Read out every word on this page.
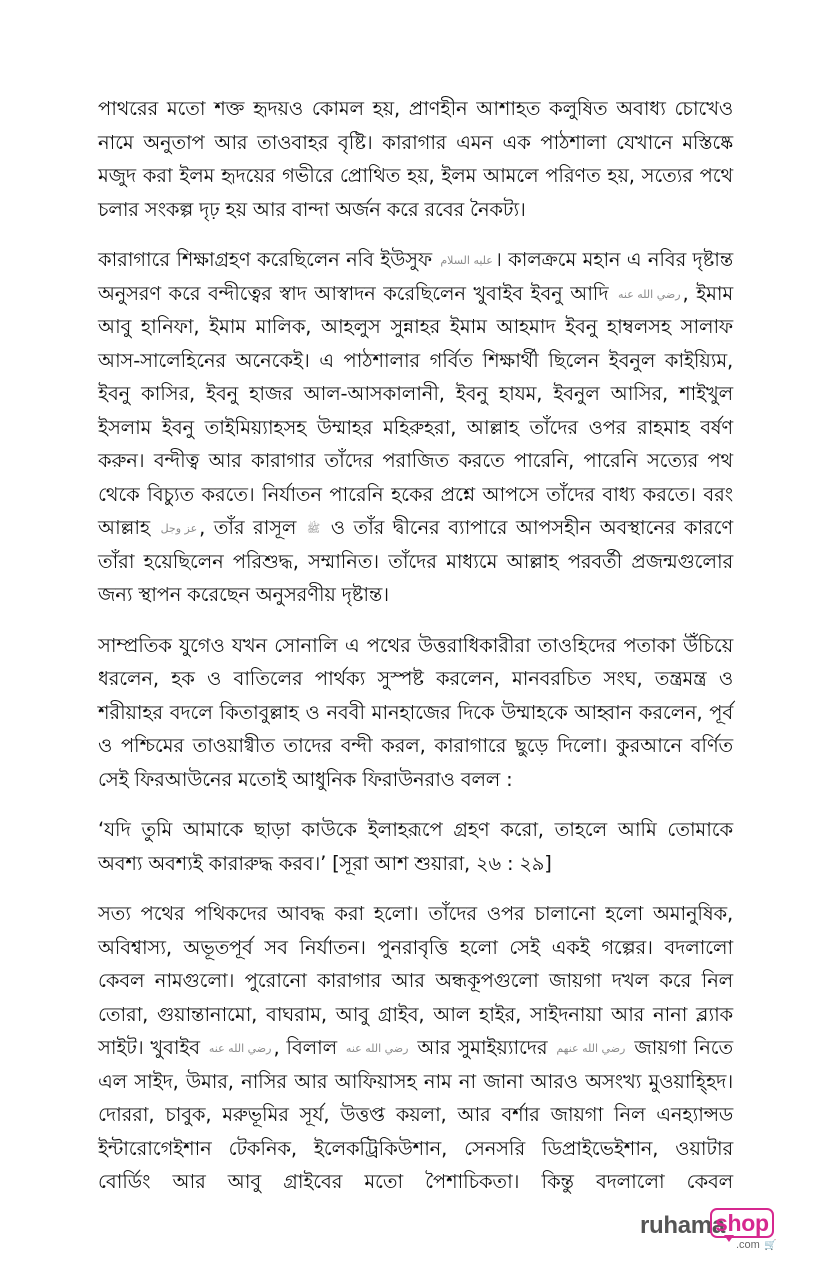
পাথরের মতো শক্ত হৃদয়ও কোমল হয়, প্রাণহীন আশাহত কলুষিত অবাধ্য চোখেও নামে অনুতাপ আর তাওবাহর বৃষ্টি। কারাগার এমন এক পাঠশালা যেখানে মস্তিষ্কে মজুদ করা ইলম হৃদয়ের গভীরে প্রোথিত হয়, ইলম আমলে পরিণত হয়, সত্যের পথে চলার সংকল্প দৃঢ় হয় আর বান্দা অর্জন করে রবের নৈকট্য।

কারাগারে শিক্ষাগ্রহণ করেছিলেন নবি ইউসুফ عليه السلام । কালক্রমে মহান এ নবির দৃষ্টান্ত অনুসরণ করে বন্দীত্বের স্বাদ আস্বাদন করেছিলেন খুবাইব ইবনু আদি رضي الله عنه , ইমাম আবু হানিফা, ইমাম মালিক, আহলুস সুন্নাহর ইমাম আহমাদ ইবনু হাম্বলসহ সালাফ আস-সালেহিনের অনেকেই। এ পাঠশালার গর্বিত শিক্ষার্থী ছিলেন ইবনুল কাইয়্যিম, ইবনু কাসির, ইবনু হাজর আল-আসকালানী, ইবনু হাযম, ইবনুল আসির, শাইখুল ইসলাম ইবনু তাইমিয়্যাহসহ উম্মাহর মহিরুহরা, আল্লাহ তাঁদের ওপর রাহমাহ বর্ষণ করুন। বন্দীত্ব আর কারাগার তাঁদের পরাজিত করতে পারেনি, পারেনি সত্যের পথ থেকে বিচ্যুত করতে। নির্যাতন পারেনি হকের প্রশ্নে আপসে তাঁদের বাধ্য করতে। বরং আল্লাহ عز وجل , তাঁর রাসূল ﷺ ও তাঁর দ্বীনের ব্যাপারে আপসহীন অবস্থানের কারণে তাঁরা হয়েছিলেন পরিশুদ্ধ, সম্মানিত। তাঁদের মাধ্যমে আল্লাহ পরবর্তী প্রজন্মগুলোর জন্য স্থাপন করেছেন অনুসরণীয় দৃষ্টান্ত।

সাম্প্রতিক যুগেও যখন সোনালি এ পথের উত্তরাধিকারীরা তাওহিদের পতাকা উঁচিয়ে ধরলেন, হক ও বাতিলের পার্থক্য সুস্পষ্ট করলেন, মানবরচিত সংঘ, তন্ত্রমন্ত্র ও শরীয়াহর বদলে কিতাবুল্লাহ ও নববী মানহাজের দিকে উম্মাহকে আহ্বান করলেন, পূর্ব ও পশ্চিমের তাওয়াগ্বীত তাদের বন্দী করল, কারাগারে ছুড়ে দিলো। কুরআনে বর্ণিত সেই ফিরআউনের মতোই আধুনিক ফিরাউনরাও বলল :

‘যদি তুমি আমাকে ছাড়া কাউকে ইলাহরূপে গ্রহণ করো, তাহলে আমি তোমাকে অবশ্য অবশ্যই কারারুদ্ধ করব।’ [সূরা আশ শুয়ারা, ২৬ : ২৯]

সত্য পথের পথিকদের আবদ্ধ করা হলো। তাঁদের ওপর চালানো হলো অমানুষিক, অবিশ্বাস্য, অভূতপূর্ব সব নির্যাতন। পুনরাবৃত্তি হলো সেই একই গল্পের। বদলালো কেবল নামগুলো। পুরোনো কারাগার আর অন্ধকূপগুলো জায়গা দখল করে নিল তোরা, গুয়ান্তানামো, বাঘরাম, আবু গ্রাইব, আল হাইর, সাইদনায়া আর নানা ব্ল্যাক সাইট। খুবাইব رضي الله عنه , বিলাল رضي الله عنه আর সুমাইয়্যাদের رضي الله عنهم জায়গা নিতে এল সাইদ, উমার, নাসির আর আফিয়াসহ নাম না জানা আরও অসংখ্য মুওয়াহ্হিদ। দোররা, চাবুক, মরুভূমির সূর্য, উত্তপ্ত কয়লা, আর বর্শার জায়গা নিল এনহ্যান্সড ইন্টারোগেইশান টেকনিক, ইলেকট্রিকিউশান, সেনসরি ডিপ্রাইভেইশান, ওয়াটার বোর্ডিং আর আবু গ্রাইবের মতো পৈশাচিকতা। কিন্তু বদলালো কেবল

ruhama
shop
.com 🛒
